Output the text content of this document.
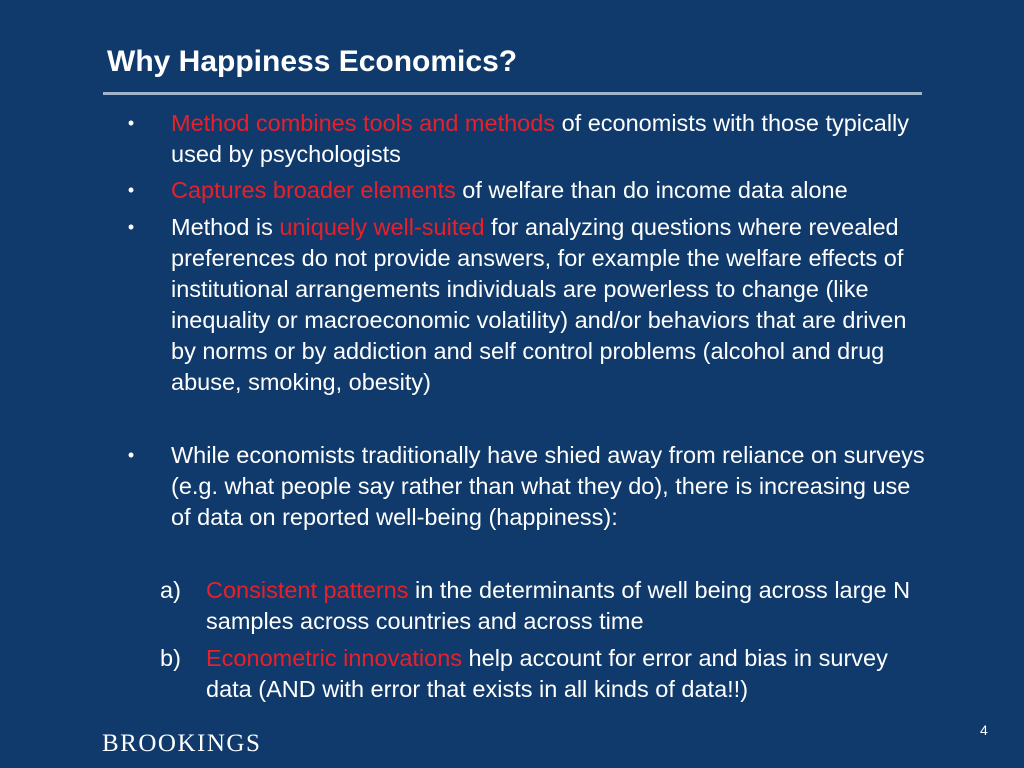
Why Happiness Economics?
• Method combines tools and methods of economists with those typically used by psychologists
• Captures broader elements of welfare than do income data alone
• Method is uniquely well-suited for analyzing questions where revealed preferences do not provide answers, for example the welfare effects of institutional arrangements individuals are powerless to change (like inequality or macroeconomic volatility) and/or behaviors that are driven by norms or by addiction and self control problems (alcohol and drug abuse, smoking, obesity)
• While economists traditionally have shied away from reliance on surveys (e.g. what people say rather than what they do), there is increasing use of data on reported well-being (happiness):
a) Consistent patterns in the determinants of well being across large N samples across countries and across time
b) Econometric innovations help account for error and bias in survey data (AND with error that exists in all kinds of data!!)
BROOKINGS	4
